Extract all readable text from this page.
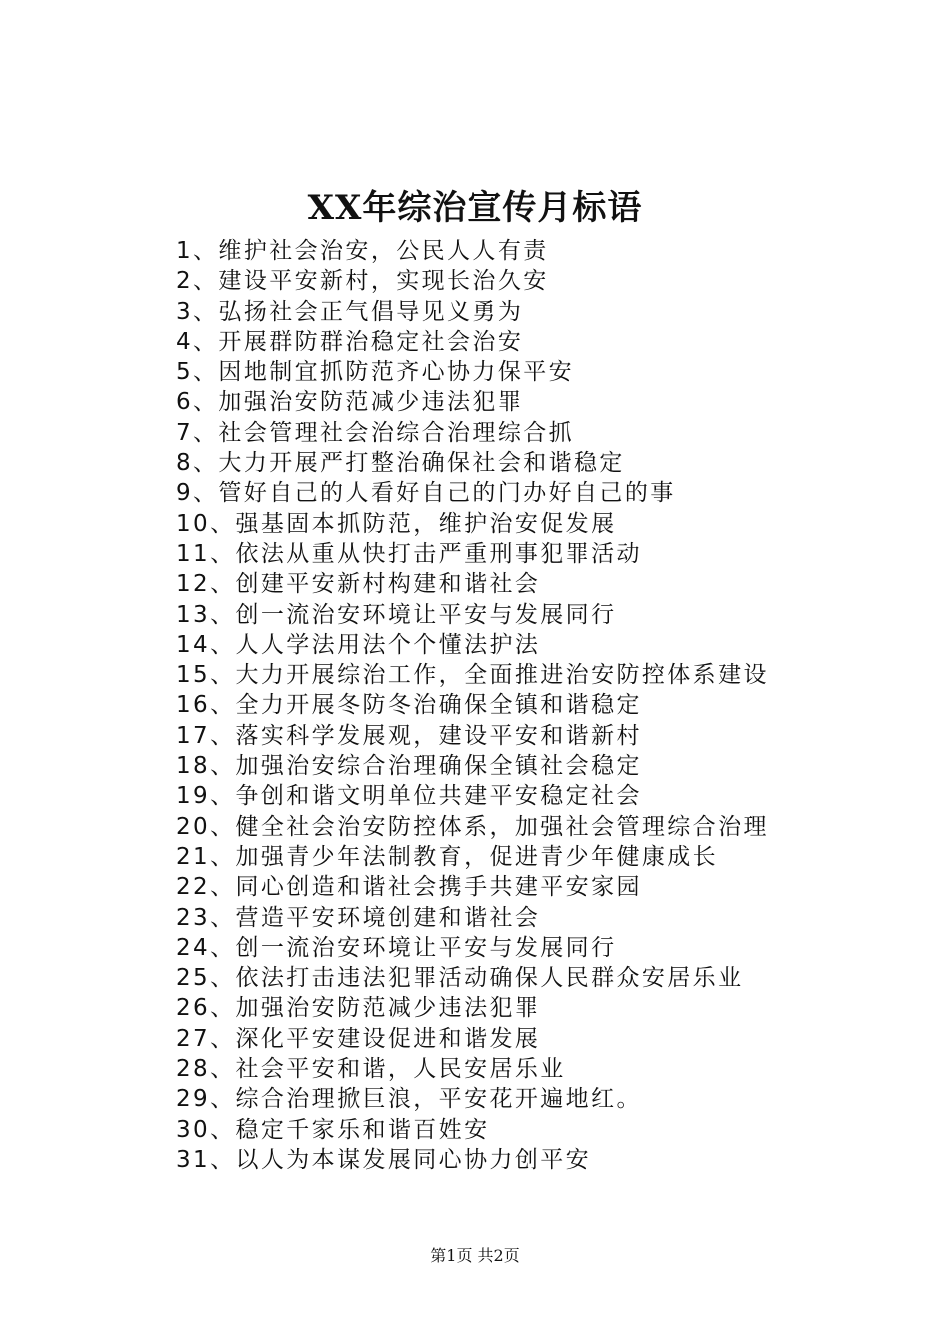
XX年综治宣传月标语
1、维护社会治安，公民人人有责
2、建设平安新村，实现长治久安
3、弘扬社会正气倡导见义勇为
4、开展群防群治稳定社会治安
5、因地制宜抓防范齐心协力保平安
6、加强治安防范减少违法犯罪
7、社会管理社会治综合治理综合抓
8、大力开展严打整治确保社会和谐稳定
9、管好自己的人看好自己的门办好自己的事
10、强基固本抓防范，维护治安促发展
11、依法从重从快打击严重刑事犯罪活动
12、创建平安新村构建和谐社会
13、创一流治安环境让平安与发展同行
14、人人学法用法个个懂法护法
15、大力开展综治工作，全面推进治安防控体系建设
16、全力开展冬防冬治确保全镇和谐稳定
17、落实科学发展观，建设平安和谐新村
18、加强治安综合治理确保全镇社会稳定
19、争创和谐文明单位共建平安稳定社会
20、健全社会治安防控体系，加强社会管理综合治理
21、加强青少年法制教育，促进青少年健康成长
22、同心创造和谐社会携手共建平安家园
23、营造平安环境创建和谐社会
24、创一流治安环境让平安与发展同行
25、依法打击违法犯罪活动确保人民群众安居乐业
26、加强治安防范减少违法犯罪
27、深化平安建设促进和谐发展
28、社会平安和谐，人民安居乐业
29、综合治理掀巨浪，平安花开遍地红。
30、稳定千家乐和谐百姓安
31、以人为本谋发展同心协力创平安
第1页 共2页
